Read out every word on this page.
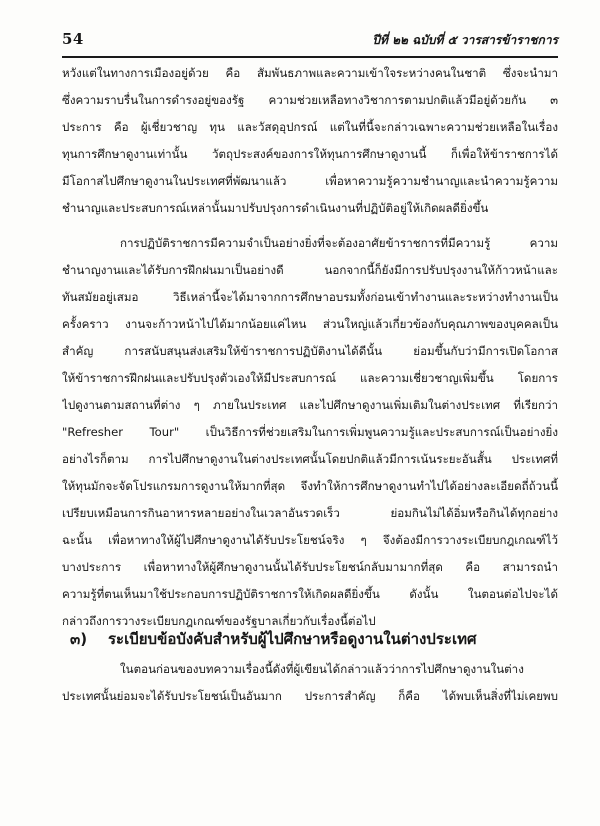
54	ปีที่ ๒๒ ฉบับที่ ๕ วารสารข้าราชการ
หวังแต่ในทางการเมืองอยู่ด้วย คือ สัมพันธภาพและความเข้าใจระหว่างคนในชาติ ซึ่งจะนำมา
ซึ่งความราบรื่นในการดำรงอยู่ของรัฐ ความช่วยเหลือทางวิชาการตามปกติแล้วมีอยู่ด้วยกัน ๓
ประการ คือ ผู้เชี่ยวชาญ ทุน และวัสดุอุปกรณ์ แต่ในที่นี้จะกล่าวเฉพาะความช่วยเหลือในเรื่อง
ทุนการศึกษาดูงานเท่านั้น วัตถุประสงค์ของการให้ทุนการศึกษาดูงานนี้ ก็เพื่อให้ข้าราชการได้
มีโอกาสไปศึกษาดูงานในประเทศที่พัฒนาแล้ว เพื่อหาความรู้ความชำนาญและนำความรู้ความ
ชำนาญและประสบการณ์เหล่านั้นมาปรับปรุงการดำเนินงานที่ปฏิบัติอยู่ให้เกิดผลดียิ่งขึ้น
การปฏิบัติราชการมีความจำเป็นอย่างยิ่งที่จะต้องอาศัยข้าราชการที่มีความรู้ ความ
ชำนาญงานและได้รับการฝึกฝนมาเป็นอย่างดี นอกจากนี้ก็ยังมีการปรับปรุงงานให้ก้าวหน้าและ
ทันสมัยอยู่เสมอ วิธีเหล่านี้จะได้มาจากการศึกษาอบรมทั้งก่อนเข้าทำงานและระหว่างทำงานเป็น
ครั้งคราว งานจะก้าวหน้าไปได้มากน้อยแค่ไหน ส่วนใหญ่แล้วเกี่ยวข้องกับคุณภาพของบุคคลเป็น
สำคัญ การสนับสนุนส่งเสริมให้ข้าราชการปฏิบัติงานได้ดีนั้น ย่อมขึ้นกับว่ามีการเปิดโอกาส
ให้ข้าราชการฝึกฝนและปรับปรุงตัวเองให้มีประสบการณ์ และความเชี่ยวชาญเพิ่มขึ้น โดยการ
ไปดูงานตามสถานที่ต่าง ๆ ภายในประเทศ และไปศึกษาดูงานเพิ่มเติมในต่างประเทศ ที่เรียกว่า
"Refresher Tour" เป็นวิธีการที่ช่วยเสริมในการเพิ่มพูนความรู้และประสบการณ์เป็นอย่างยิ่ง
อย่างไรก็ตาม การไปศึกษาดูงานในต่างประเทศนั้นโดยปกติแล้วมีการเน้นระยะอันสั้น ประเทศที่
ให้ทุนมักจะจัดโปรแกรมการดูงานให้มากที่สุด จึงทำให้การศึกษาดูงานทำไปได้อย่างละเอียดถี่ถ้วนนี้
เปรียบเหมือนการกินอาหารหลายอย่างในเวลาอันรวดเร็ว ย่อมกินไม่ได้อิ่มหรือกินได้ทุกอย่าง
ฉะนั้น เพื่อหาทางให้ผู้ไปศึกษาดูงานได้รับประโยชน์จริง ๆ จึงต้องมีการวางระเบียบกฎเกณฑ์ไว้
บางประการ เพื่อหาทางให้ผู้ศึกษาดูงานนั้นได้รับประโยชน์กลับมามากที่สุด คือ สามารถนำ
ความรู้ที่ตนเห็นมาใช้ประกอบการปฏิบัติราชการให้เกิดผลดียิ่งขึ้น ดังนั้น ในตอนต่อไปจะได้
กล่าวถึงการวางระเบียบกฎเกณฑ์ของรัฐบาลเกี่ยวกับเรื่องนี้ต่อไป
๓) ระเบียบข้อบังคับสำหรับผู้ไปศึกษาหรือดูงานในต่างประเทศ
ในตอนก่อนของบทความเรื่องนี้ดังที่ผู้เขียนได้กล่าวแล้วว่าการไปศึกษาดูงานในต่าง
ประเทศนั้นย่อมจะได้รับประโยชน์เป็นอันมาก ประการสำคัญ ก็คือ ได้พบเห็นสิ่งที่ไม่เคยพบ
